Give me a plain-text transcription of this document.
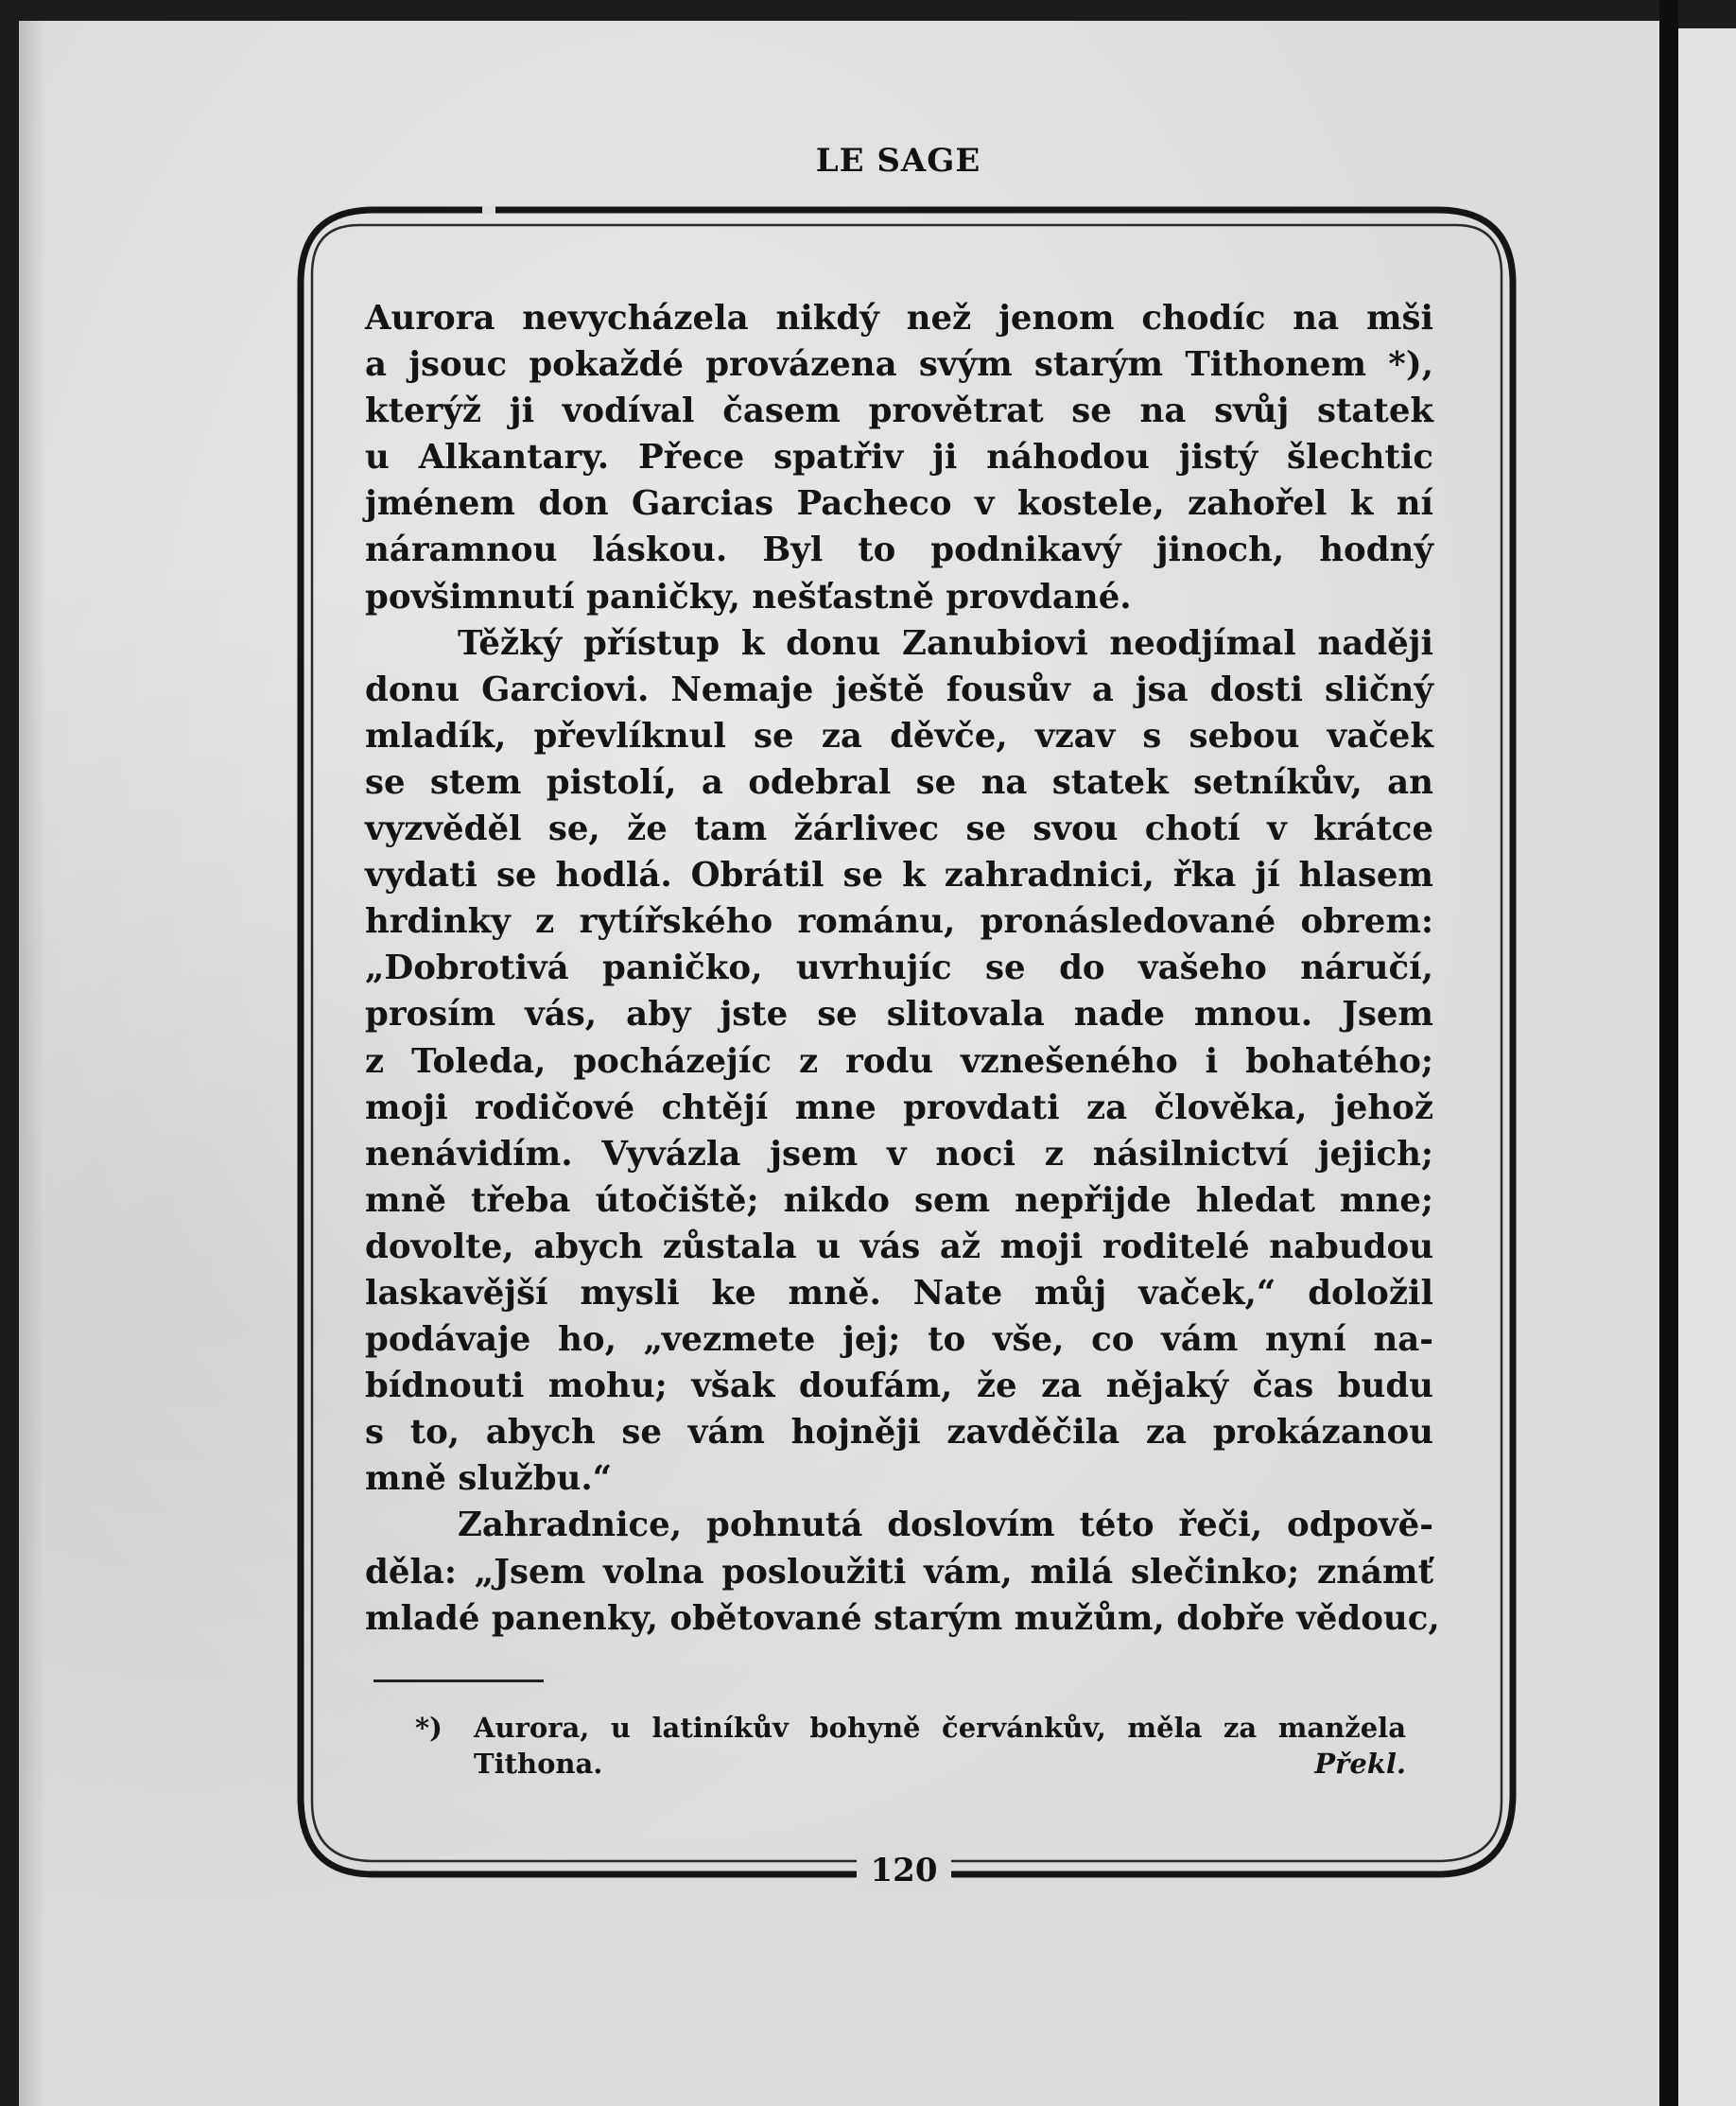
LE SAGE

Aurora nevycházela nikdý než jenom chodíc na mši
a jsouc pokaždé provázena svým starým Tithonem *),
kterýž ji vodíval časem provětrat se na svůj statek
u Alkantary. Přece spatřiv ji náhodou jistý šlechtic
jménem don Garcias Pacheco v kostele, zahořel k ní
náramnou láskou. Byl to podnikavý jinoch, hodný
povšimnutí paničky, nešťastně provdané.

Těžký přístup k donu Zanubiovi neodjímal naději
donu Garciovi. Nemaje ještě fousův a jsa dosti sličný
mladík, převlíknul se za děvče, vzav s sebou vaček
se stem pistolí, a odebral se na statek setníkův, an
vyzvěděl se, že tam žárlivec se svou chotí v krátce
vydati se hodlá. Obrátil se k zahradnici, řka jí hlasem
hrdinky z rytířského románu, pronásledované obrem:
„Dobrotivá paničko, uvrhujíc se do vašeho náručí,
prosím vás, aby jste se slitovala nade mnou. Jsem
z Toleda, pocházejíc z rodu vznešeného i bohatého;
moji rodičové chtějí mne provdati za člověka, jehož
nenávidím. Vyvázla jsem v noci z násilnictví jejich;
mně třeba útočiště; nikdo sem nepřijde hledat mne;
dovolte, abych zůstala u vás až moji roditelé nabudou
laskavější mysli ke mně. Nate můj vaček,“ doložil
podávaje ho, „vezmete jej; to vše, co vám nyní na-
bídnouti mohu; však doufám, že za nějaký čas budu
s to, abych se vám hojněji zavděčila za prokázanou
mně službu.“

Zahradnice, pohnutá doslovím této řeči, odpově-
děla: „Jsem volna posloužiti vám, milá slečinko; známť
mladé panenky, obětované starým mužům, dobře vědouc,

*)	Aurora, u latiníkův bohyně červánkův, měla za manžela
Tithona.	Překl.
120
